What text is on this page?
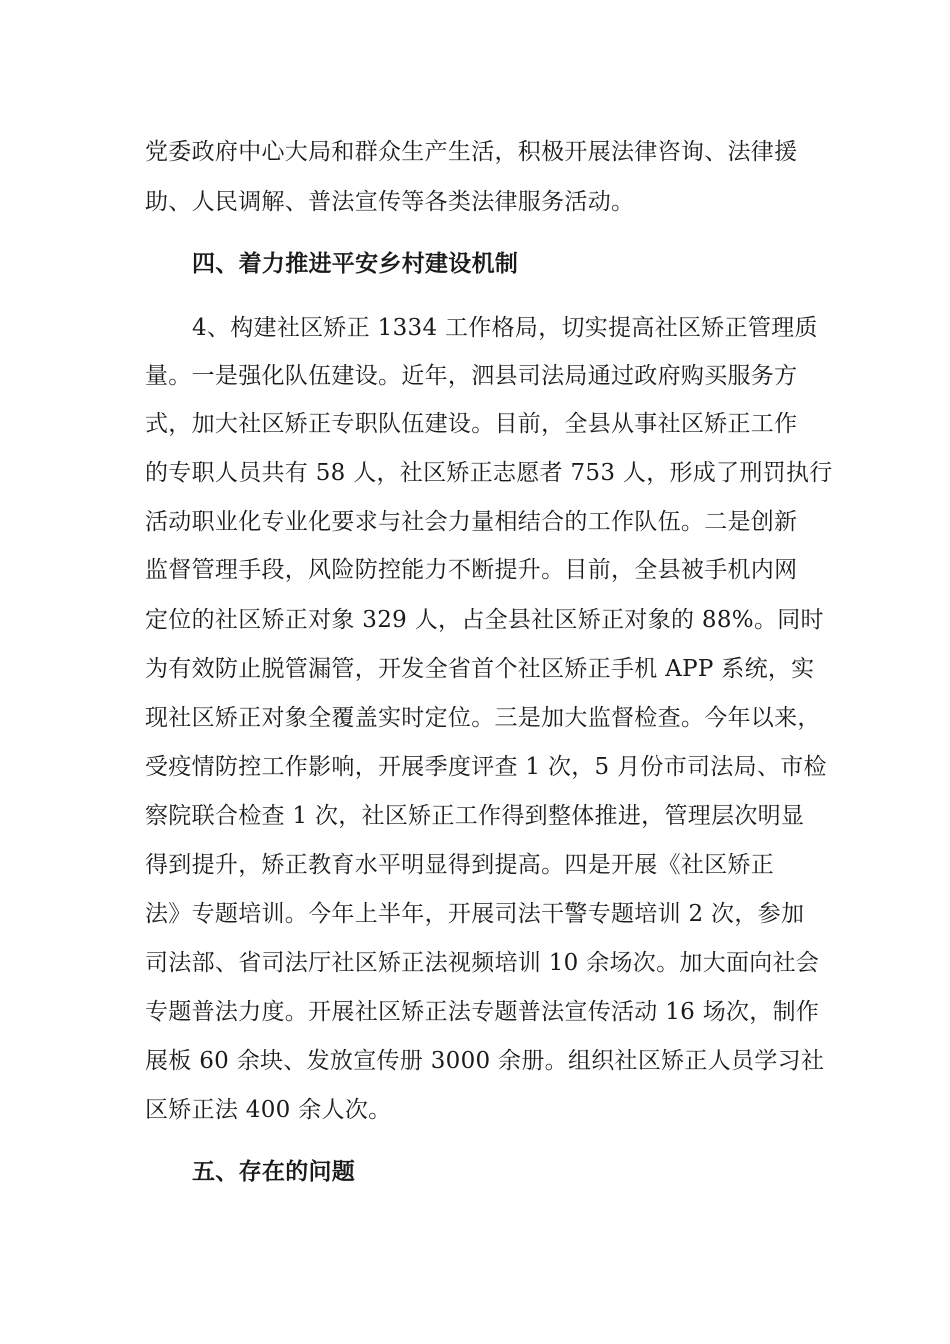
党委政府中心大局和群众生产生活，积极开展法律咨询、法律援
助、人民调解、普法宣传等各类法律服务活动。
四、着力推进平安乡村建设机制
4、构建社区矫正 1334 工作格局，切实提高社区矫正管理质
量。一是强化队伍建设。近年，泗县司法局通过政府购买服务方
式，加大社区矫正专职队伍建设。目前，全县从事社区矫正工作
的专职人员共有 58 人，社区矫正志愿者 753 人，形成了刑罚执行
活动职业化专业化要求与社会力量相结合的工作队伍。二是创新
监督管理手段，风险防控能力不断提升。目前，全县被手机内网
定位的社区矫正对象 329 人，占全县社区矫正对象的 88%。同时
为有效防止脱管漏管，开发全省首个社区矫正手机 APP 系统，实
现社区矫正对象全覆盖实时定位。三是加大监督检查。今年以来，
受疫情防控工作影响，开展季度评查 1 次，5 月份市司法局、市检
察院联合检查 1 次，社区矫正工作得到整体推进，管理层次明显
得到提升，矫正教育水平明显得到提高。四是开展《社区矫正
法》专题培训。今年上半年，开展司法干警专题培训 2 次，参加
司法部、省司法厅社区矫正法视频培训 10 余场次。加大面向社会
专题普法力度。开展社区矫正法专题普法宣传活动 16 场次，制作
展板 60 余块、发放宣传册 3000 余册。组织社区矫正人员学习社
区矫正法 400 余人次。
五、存在的问题
